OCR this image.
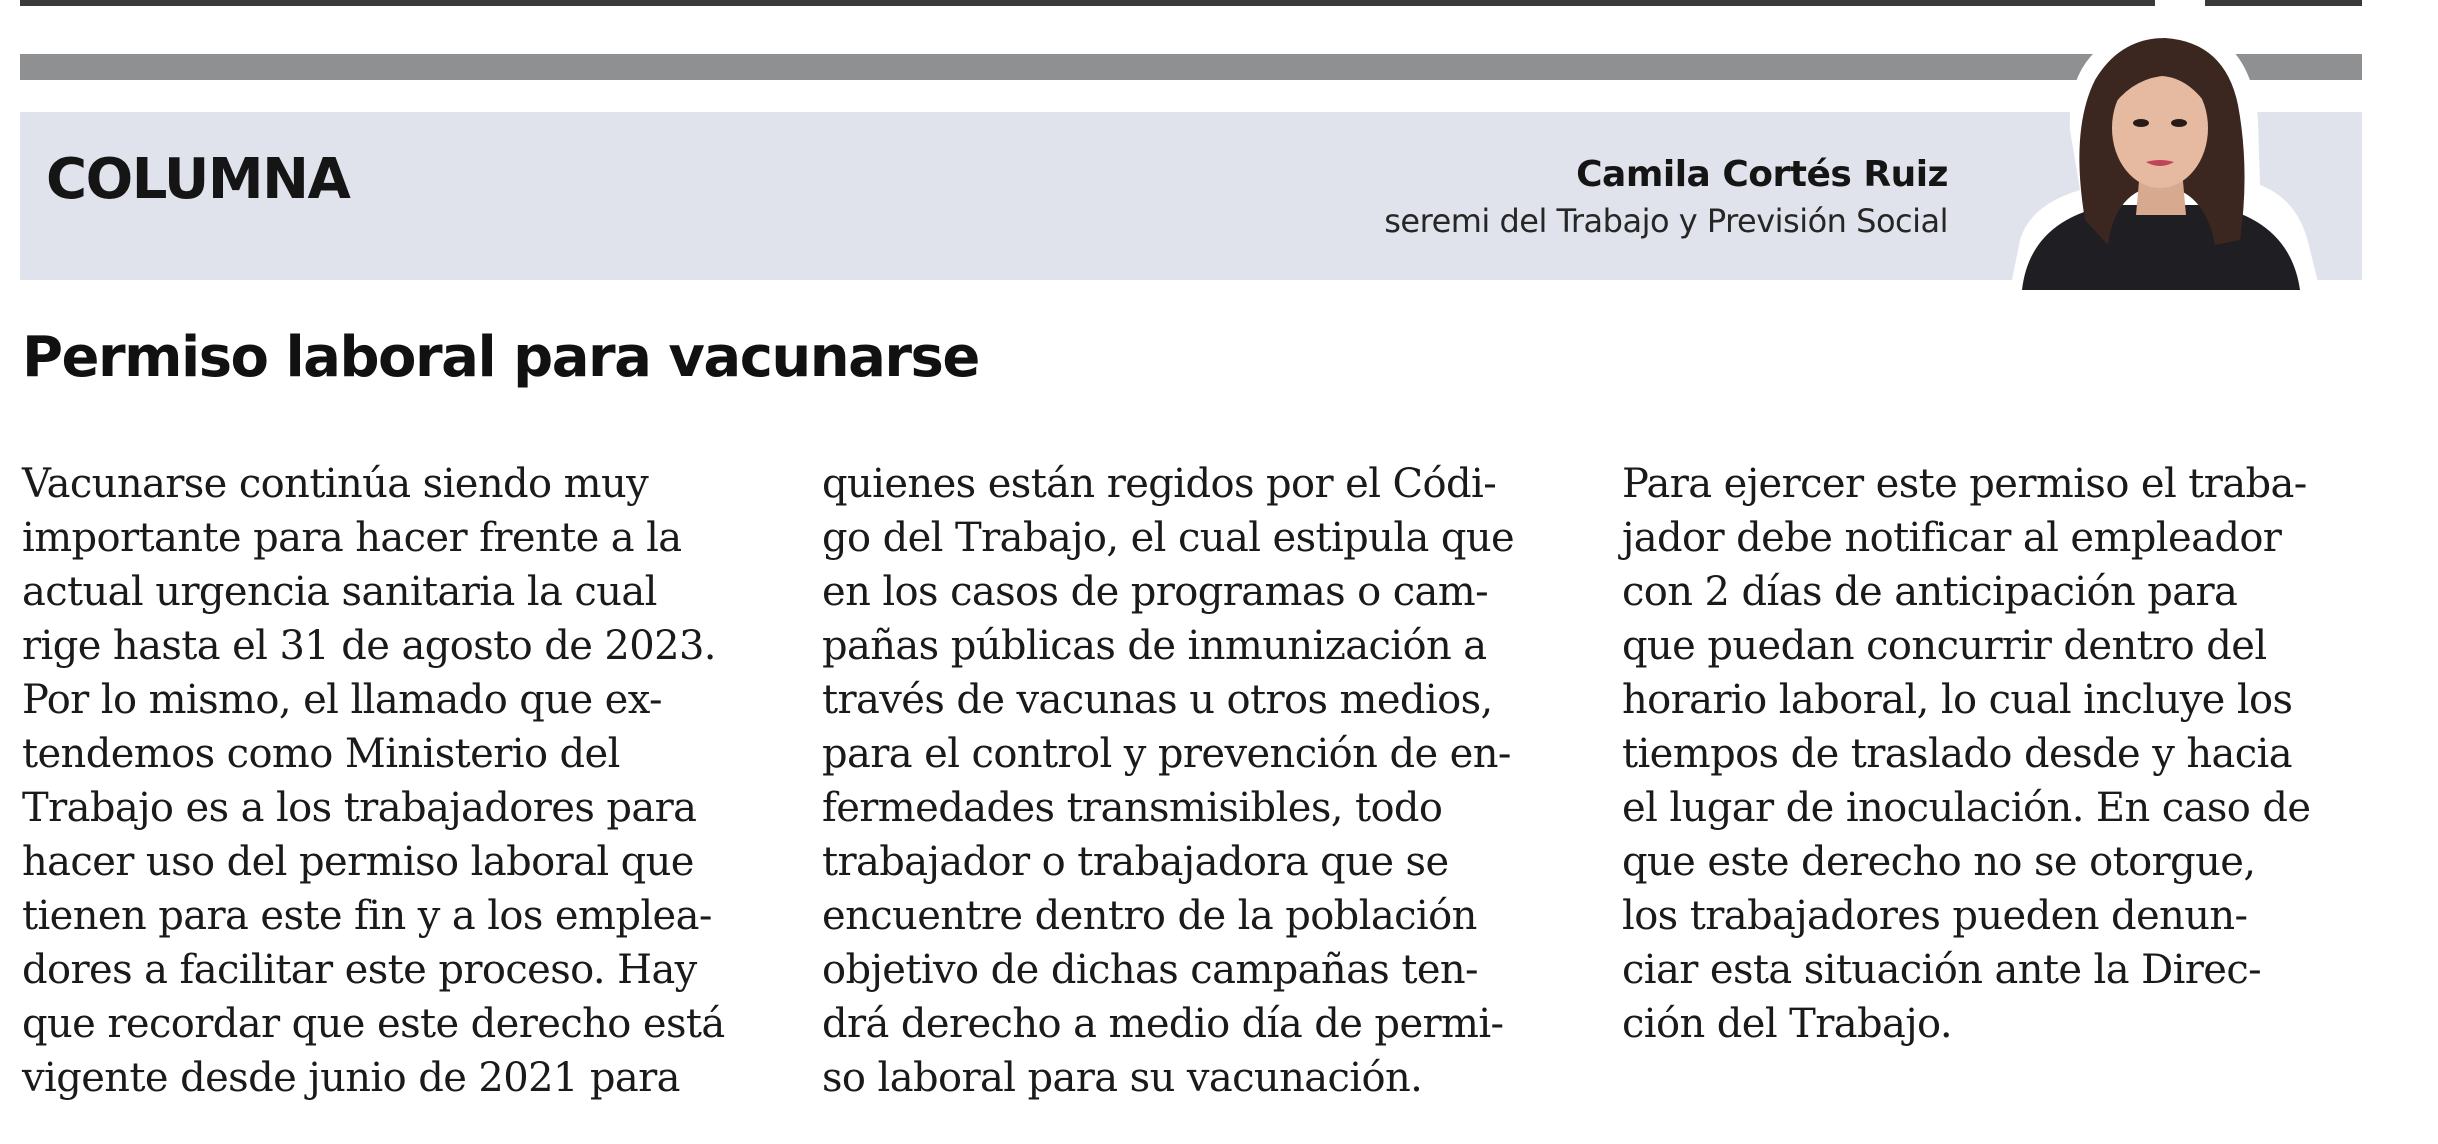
COLUMNA	Camila Cortés Ruiz
seremi del Trabajo y Previsión Social
Permiso laboral para vacunarse
Vacunarse continúa siendo muy
importante para hacer frente a la
actual urgencia sanitaria la cual
rige hasta el 31 de agosto de 2023.
Por lo mismo, el llamado que ex-
tendemos como Ministerio del
Trabajo es a los trabajadores para
hacer uso del permiso laboral que
tienen para este fin y a los emplea-
dores a facilitar este proceso. Hay
que recordar que este derecho está
vigente desde junio de 2021 para
quienes están regidos por el Códi-
go del Trabajo, el cual estipula que
en los casos de programas o cam-
pañas públicas de inmunización a
través de vacunas u otros medios,
para el control y prevención de en-
fermedades transmisibles, todo
trabajador o trabajadora que se
encuentre dentro de la población
objetivo de dichas campañas ten-
drá derecho a medio día de permi-
so laboral para su vacunación.
Para ejercer este permiso el traba-
jador debe notificar al empleador
con 2 días de anticipación para
que puedan concurrir dentro del
horario laboral, lo cual incluye los
tiempos de traslado desde y hacia
el lugar de inoculación. En caso de
que este derecho no se otorgue,
los trabajadores pueden denun-
ciar esta situación ante la Direc-
ción del Trabajo.
